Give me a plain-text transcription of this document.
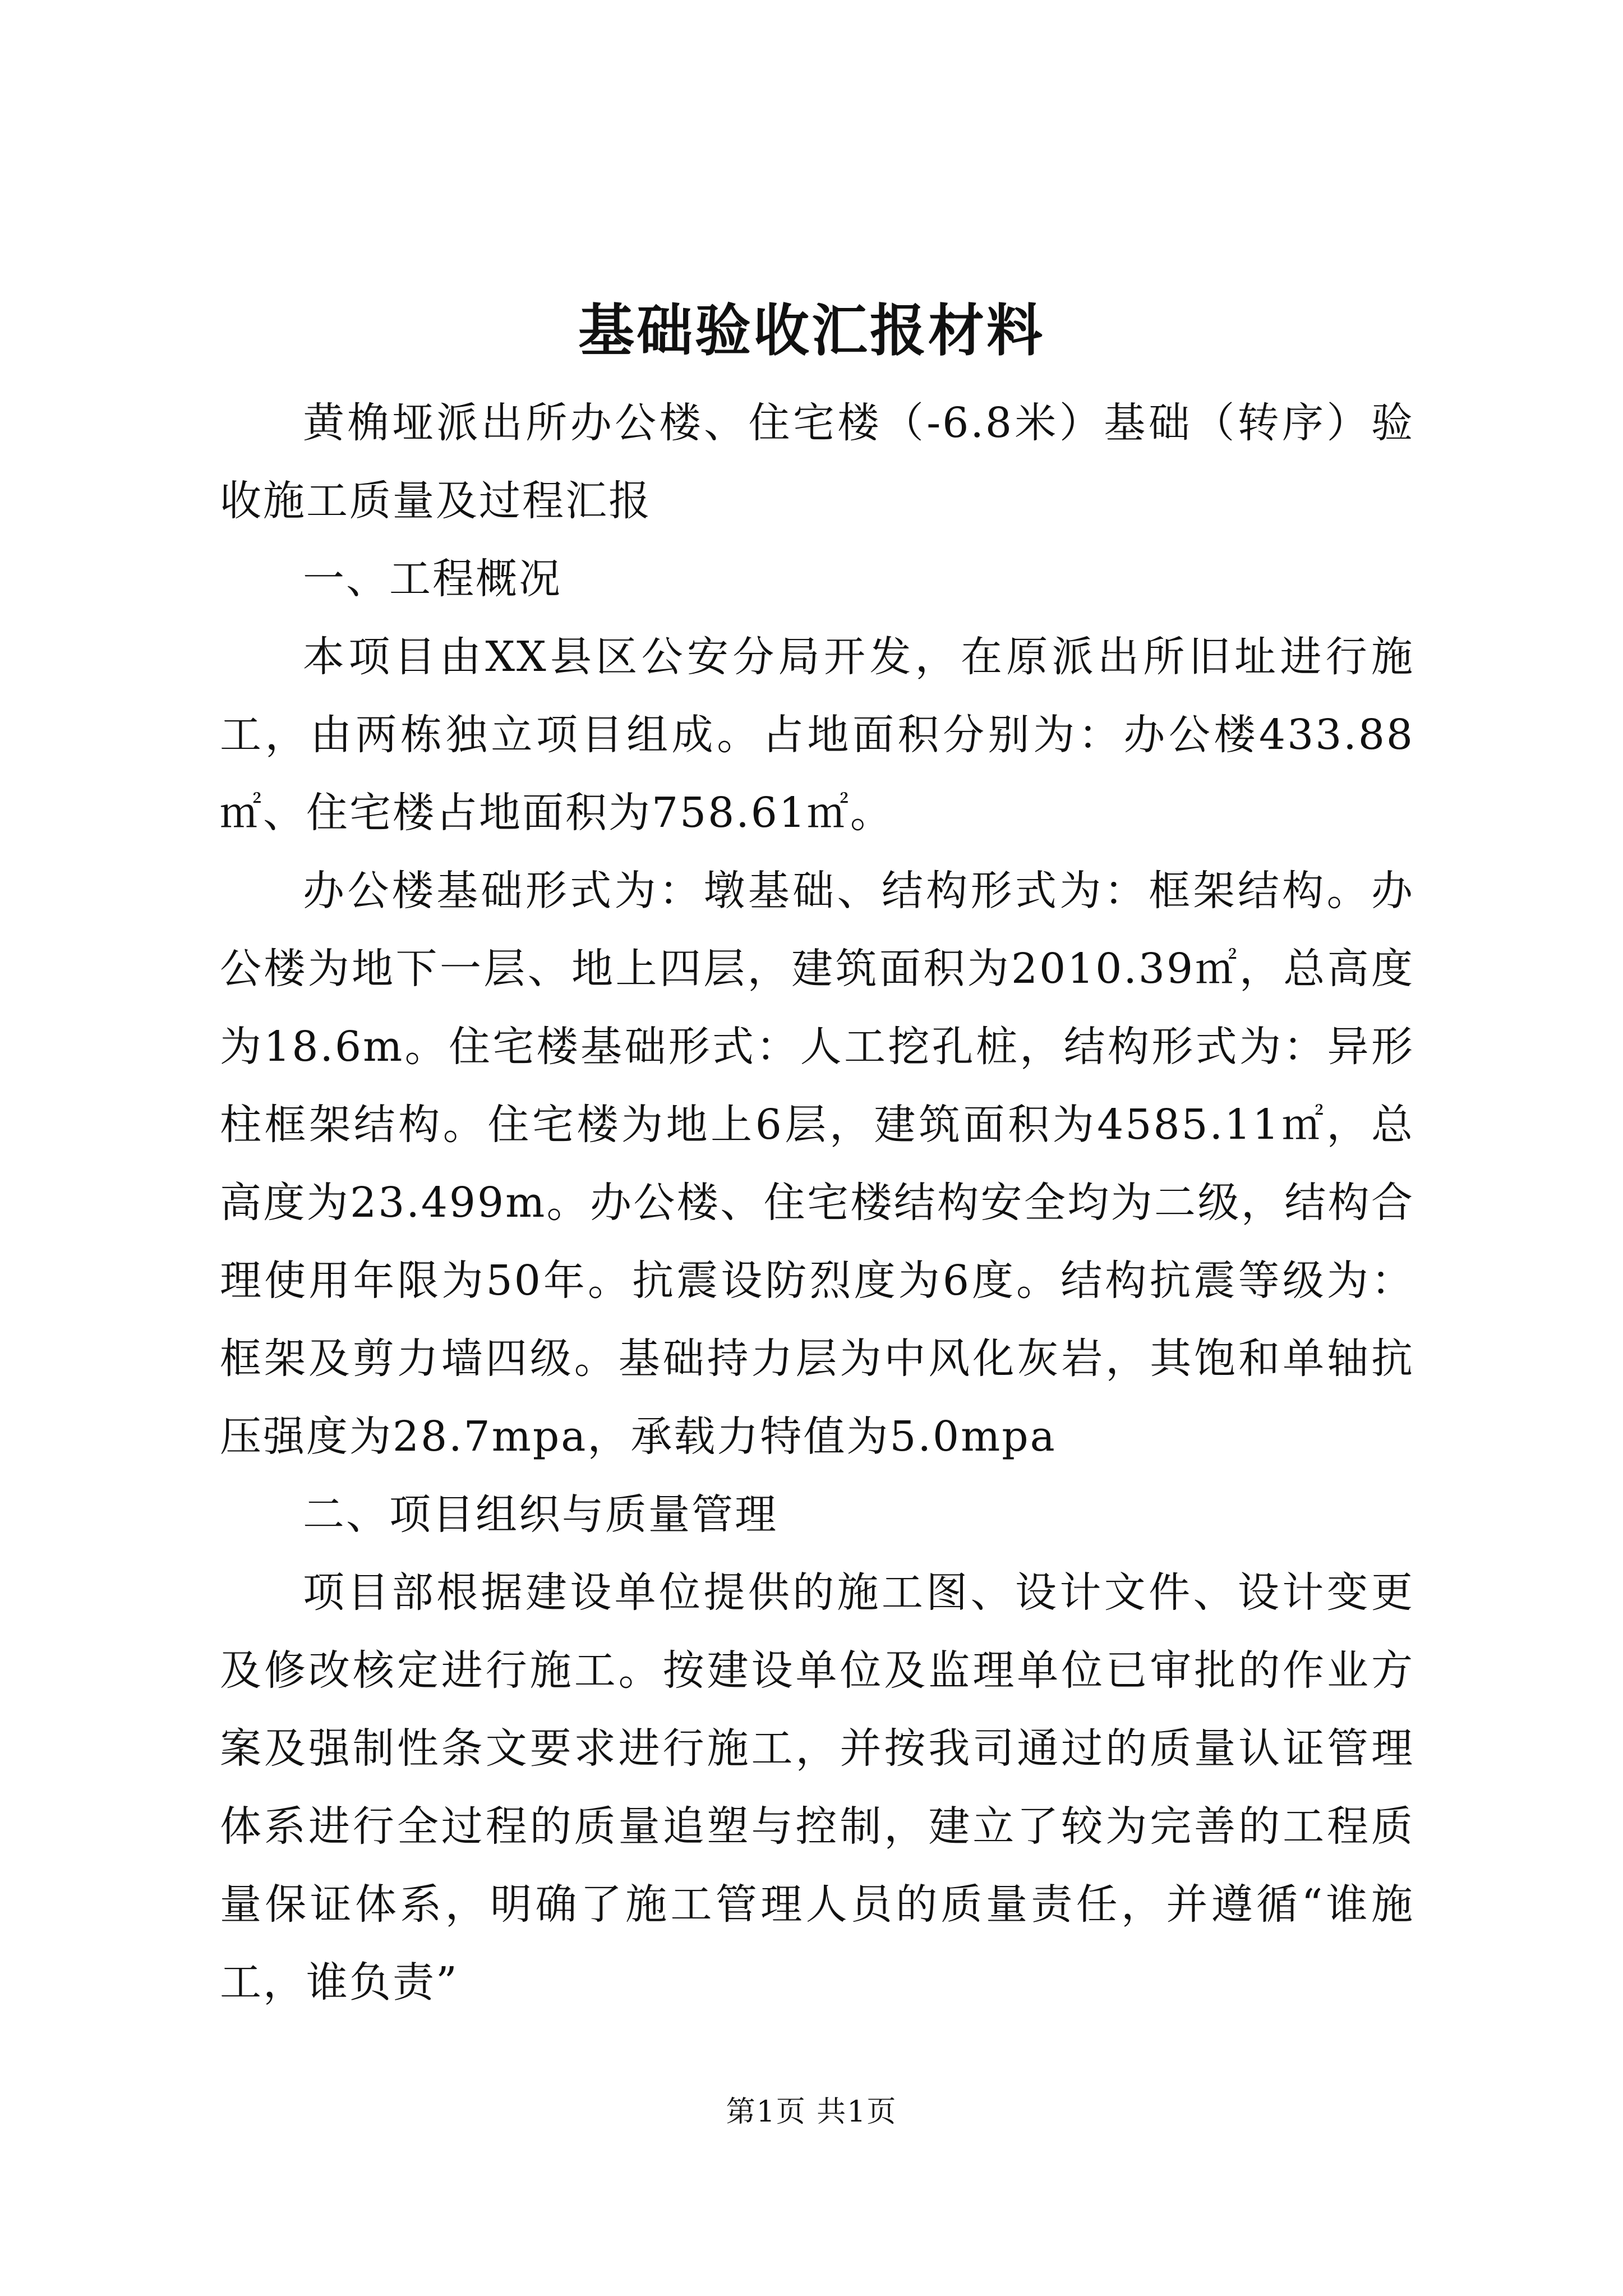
基础验收汇报材料

黄桷垭派出所办公楼、住宅楼（-6.8米）基础（转序）验收施工质量及过程汇报

一、工程概况

本项目由XX县区公安分局开发，在原派出所旧址进行施工，由两栋独立项目组成。占地面积分别为：办公楼433.88㎡、住宅楼占地面积为758.61㎡。

办公楼基础形式为：墩基础、结构形式为：框架结构。办公楼为地下一层、地上四层，建筑面积为2010.39㎡，总高度为18.6m。住宅楼基础形式：人工挖孔桩，结构形式为：异形柱框架结构。住宅楼为地上6层，建筑面积为4585.11㎡，总高度为23.499m。办公楼、住宅楼结构安全均为二级，结构合理使用年限为50年。抗震设防烈度为6度。结构抗震等级为：框架及剪力墙四级。基础持力层为中风化灰岩，其饱和单轴抗压强度为28.7mpa，承载力特值为5.0mpa

二、项目组织与质量管理

项目部根据建设单位提供的施工图、设计文件、设计变更及修改核定进行施工。按建设单位及监理单位已审批的作业方案及强制性条文要求进行施工，并按我司通过的质量认证管理体系进行全过程的质量追塑与控制，建立了较为完善的工程质量保证体系，明确了施工管理人员的质量责任，并遵循“谁施工，谁负责”

第1页 共1页
